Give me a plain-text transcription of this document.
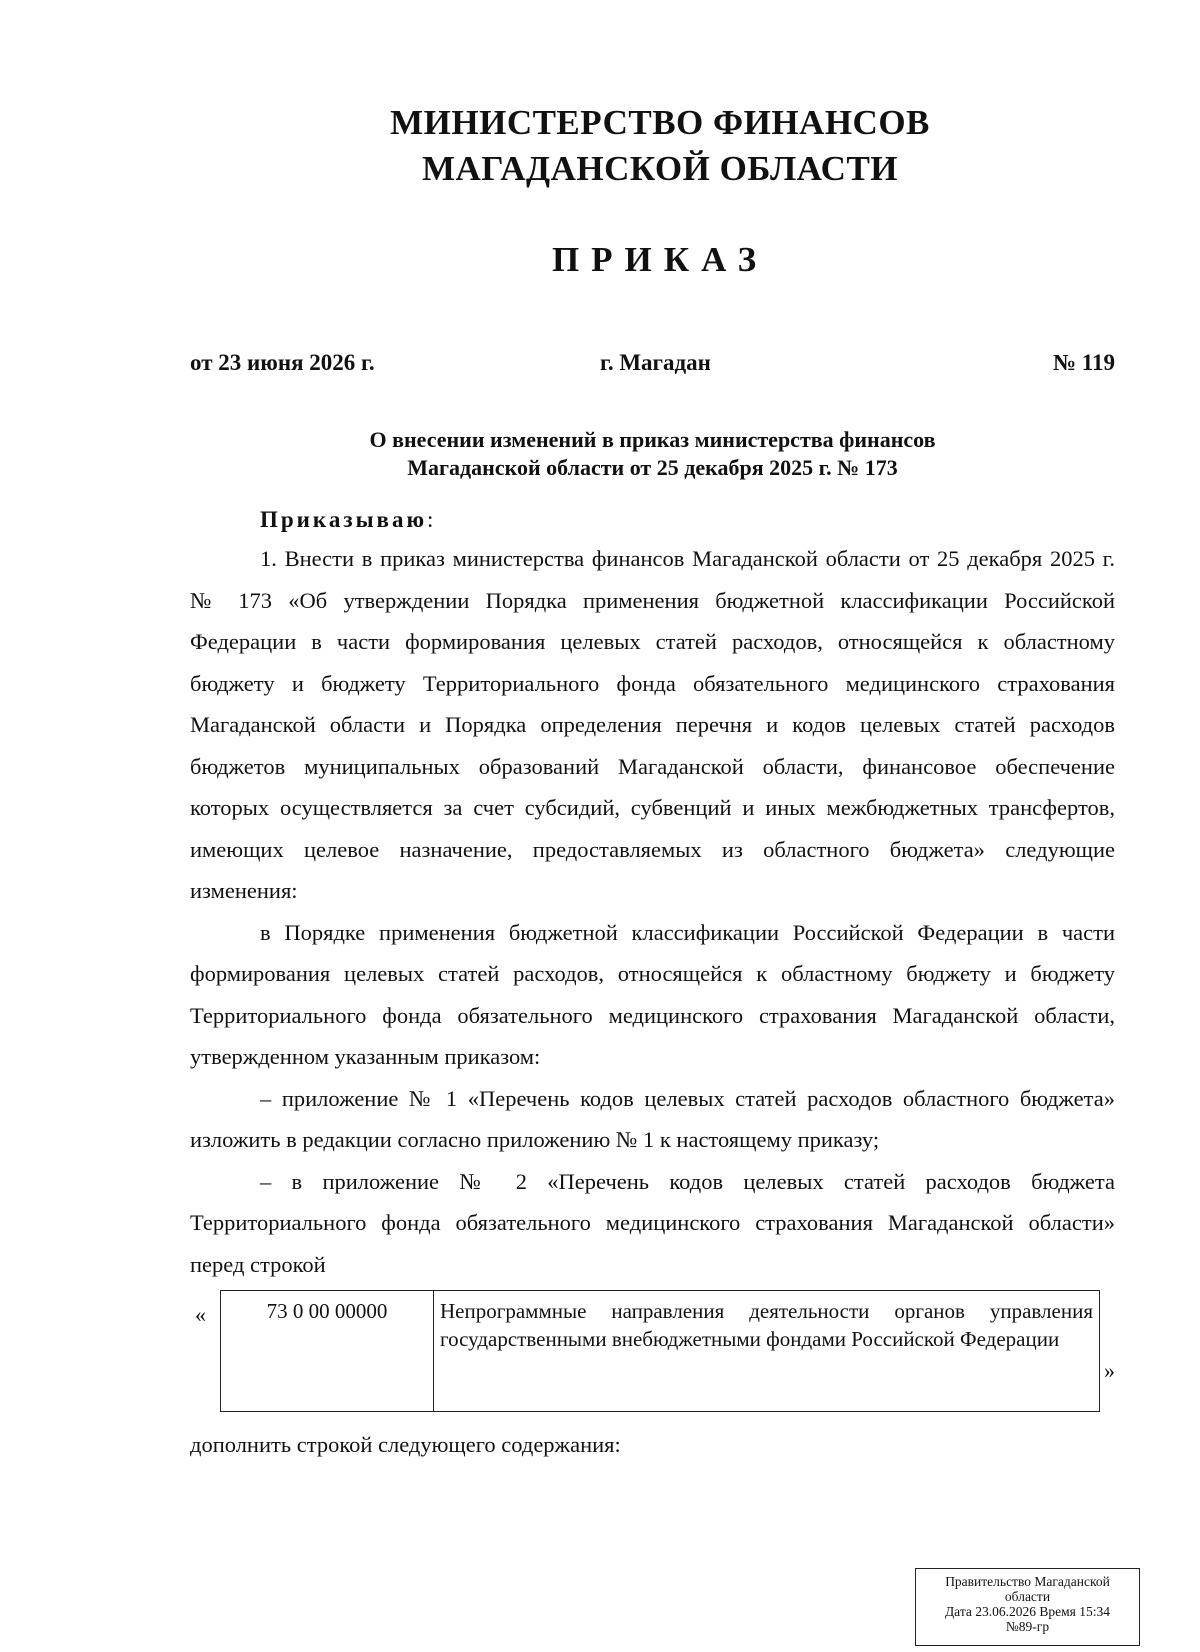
МИНИСТЕРСТВО ФИНАНСОВ
МАГАДАНСКОЙ ОБЛАСТИ
ПРИКАЗ
от 23 июня 2026 г.	г. Магадан	№ 119
О внесении изменений в приказ министерства финансов
Магаданской области от 25 декабря 2025 г. № 173
Приказываю:

1. Внести в приказ министерства финансов Магаданской области от 25 декабря 2025 г. № 173 «Об утверждении Порядка применения бюджетной классификации Российской Федерации в части формирования целевых статей расходов, относящейся к областному бюджету и бюджету Территориального фонда обязательного медицинского страхования Магаданской области и Порядка определения перечня и кодов целевых статей расходов бюджетов муниципальных образований Магаданской области, финансовое обеспечение которых осуществляется за счет субсидий, субвенций и иных межбюджетных трансфертов, имеющих целевое назначение, предоставляемых из областного бюджета» следующие изменения:

в Порядке применения бюджетной классификации Российской Федерации в части формирования целевых статей расходов, относящейся к областному бюджету и бюджету Территориального фонда обязательного медицинского страхования Магаданской области, утвержденном указанным приказом:

– приложение № 1 «Перечень кодов целевых статей расходов областного бюджета» изложить в редакции согласно приложению № 1 к настоящему приказу;

– в приложение № 2 «Перечень кодов целевых статей расходов бюджета Территориального фонда обязательного медицинского страхования Магаданской области» перед строкой

«	73 0 00 00000	Непрограммные направления деятельности органов управления государственными внебюджетными фондами Российской Федерации
»
дополнить строкой следующего содержания:
Правительство Магаданской
области
Дата 23.06.2026 Время 15:34
№89-гр
